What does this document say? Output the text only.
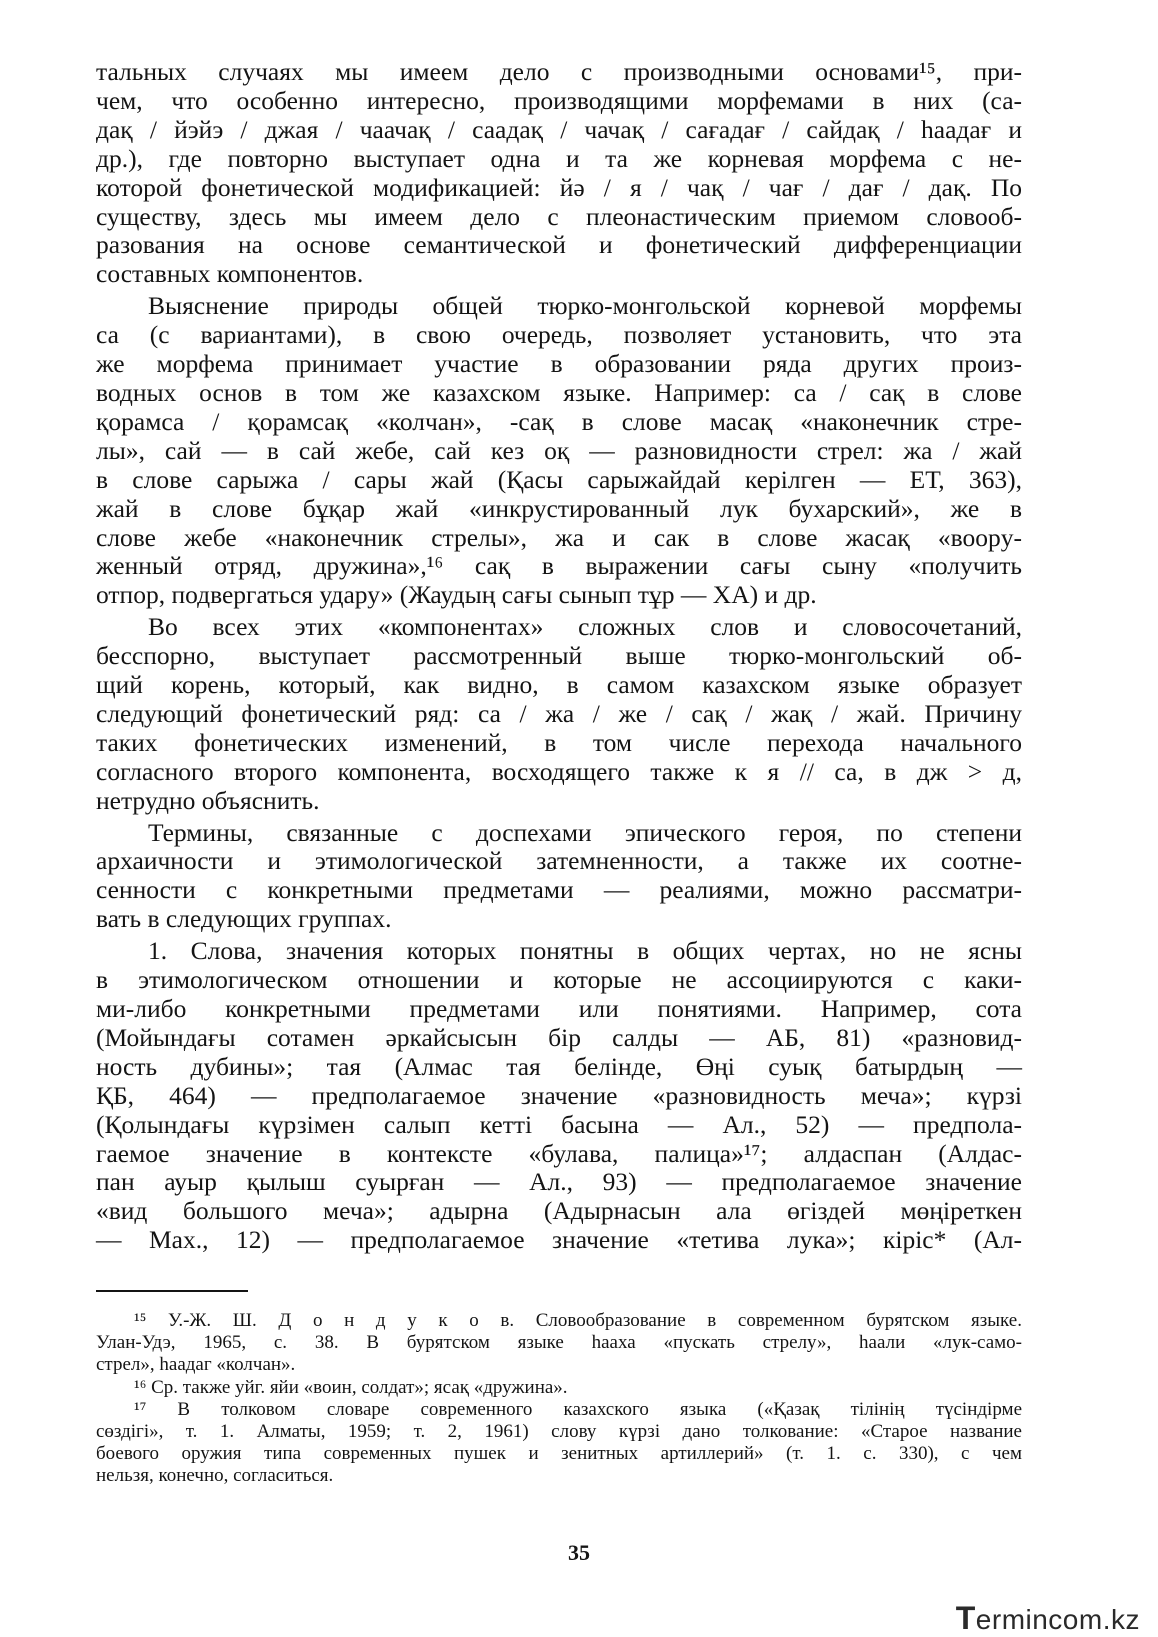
тальных случаях мы имеем дело с производными основами¹⁵, при-
чем, что особенно интересно, производящими морфемами в них (са-
дақ / йэйэ / джая / чаачақ / саадақ / чачақ / сағадағ / сайдақ / һаадағ и
др.), где повторно выступает одна и та же корневая морфема с не-
которой фонетической модификацией: йә / я / чақ / чағ / дағ / дақ. По
существу, здесь мы имеем дело с плеонастическим приемом словооб-
разования на основе семантической и фонетический дифференциации
составных компонентов.
Выяснение природы общей тюрко-монгольской корневой морфемы
са (с вариантами), в свою очередь, позволяет установить, что эта
же морфема принимает участие в образовании ряда других произ-
водных основ в том же казахском языке. Например: са / сақ в слове
қорамса / қорамсақ «колчан», -сақ в слове масақ «наконечник стре-
лы», сай — в сай жебе, сай кез оқ — разновидности стрел: жа / жай
в слове сарыжа / сары жай (Қасы сарыжайдай керілген — ЕТ, 363),
жай в слове бұқар жай «инкрустированный лук бухарский», же в
слове жебе «наконечник стрелы», жа и сак в слове жасақ «вооpу-
женный отряд, дружина»,¹⁶ сақ в выражении сағы сыну «получить
отпор, подвергаться удару» (Жаудың сағы сынып тұр — ХА) и др.
Во всех этих «компонентах» сложных слов и словосочетаний,
бесспорно, выступает рассмотренный выше тюрко-монгольский об-
щий корень, который, как видно, в самом казахском языке образует
следующий фонетический ряд: са / жа / же / сақ / жақ / жай. Причину
таких фонетических изменений, в том числе перехода начального
согласного второго компонента, восходящего также к я // са, в дж > д,
нетрудно объяснить.
Термины, связанные с доспехами эпического героя, по степени
архаичности и этимологической затемненности, а также их соотне-
сенности с конкретными предметами — реалиями, можно рассматри-
вать в следующих группах.
1. Слова, значения которых понятны в общих чертах, но не ясны
в этимологическом отношении и которые не ассоциируются с каки-
ми-либо конкретными предметами или понятиями. Например, сота
(Мойындағы сотамен әркайсысын бір салды — АБ, 81) «разновид-
ность дубины»; тая (Алмас тая белінде, Өңі суық батырдың —
ҚБ, 464) — предполагаемое значение «разновидность меча»; күрзі
(Қолындағы күрзімен салып кетті басына — Ал., 52) — предпола-
гаемое значение в контексте «булава, палица»¹⁷; алдаспан (Алдас-
пан ауыр қылыш суырған — Ал., 93) — предполагаемое значение
«вид большого меча»; адырна (Адырнасын ала өгіздей мөңіреткен
— Мах., 12) — предполагаемое значение «тетива лука»; кіріс* (Ал-
¹⁵ У.-Ж. Ш. Д о н д у к о в. Словообразование в современном бурятском языке.
Улан-Удэ, 1965, с. 38. В бурятском языке һааха «пускать стрелу», һаали «лук-само-
стрел», һаадаг «колчан».
¹⁶ Ср. также уйг. яйи «воин, солдат»; ясақ «дружина».
¹⁷ В толковом словаре современного казахского языка («Қазақ тілінің түсіндірме
сөздігі», т. 1. Алматы, 1959; т. 2, 1961) слову күрзі дано толкование: «Старое название
боевого оружия типа современных пушек и зенитных артиллерий» (т. 1. с. 330), с чем
нельзя, конечно, согласиться.
35
Termincom.kz
